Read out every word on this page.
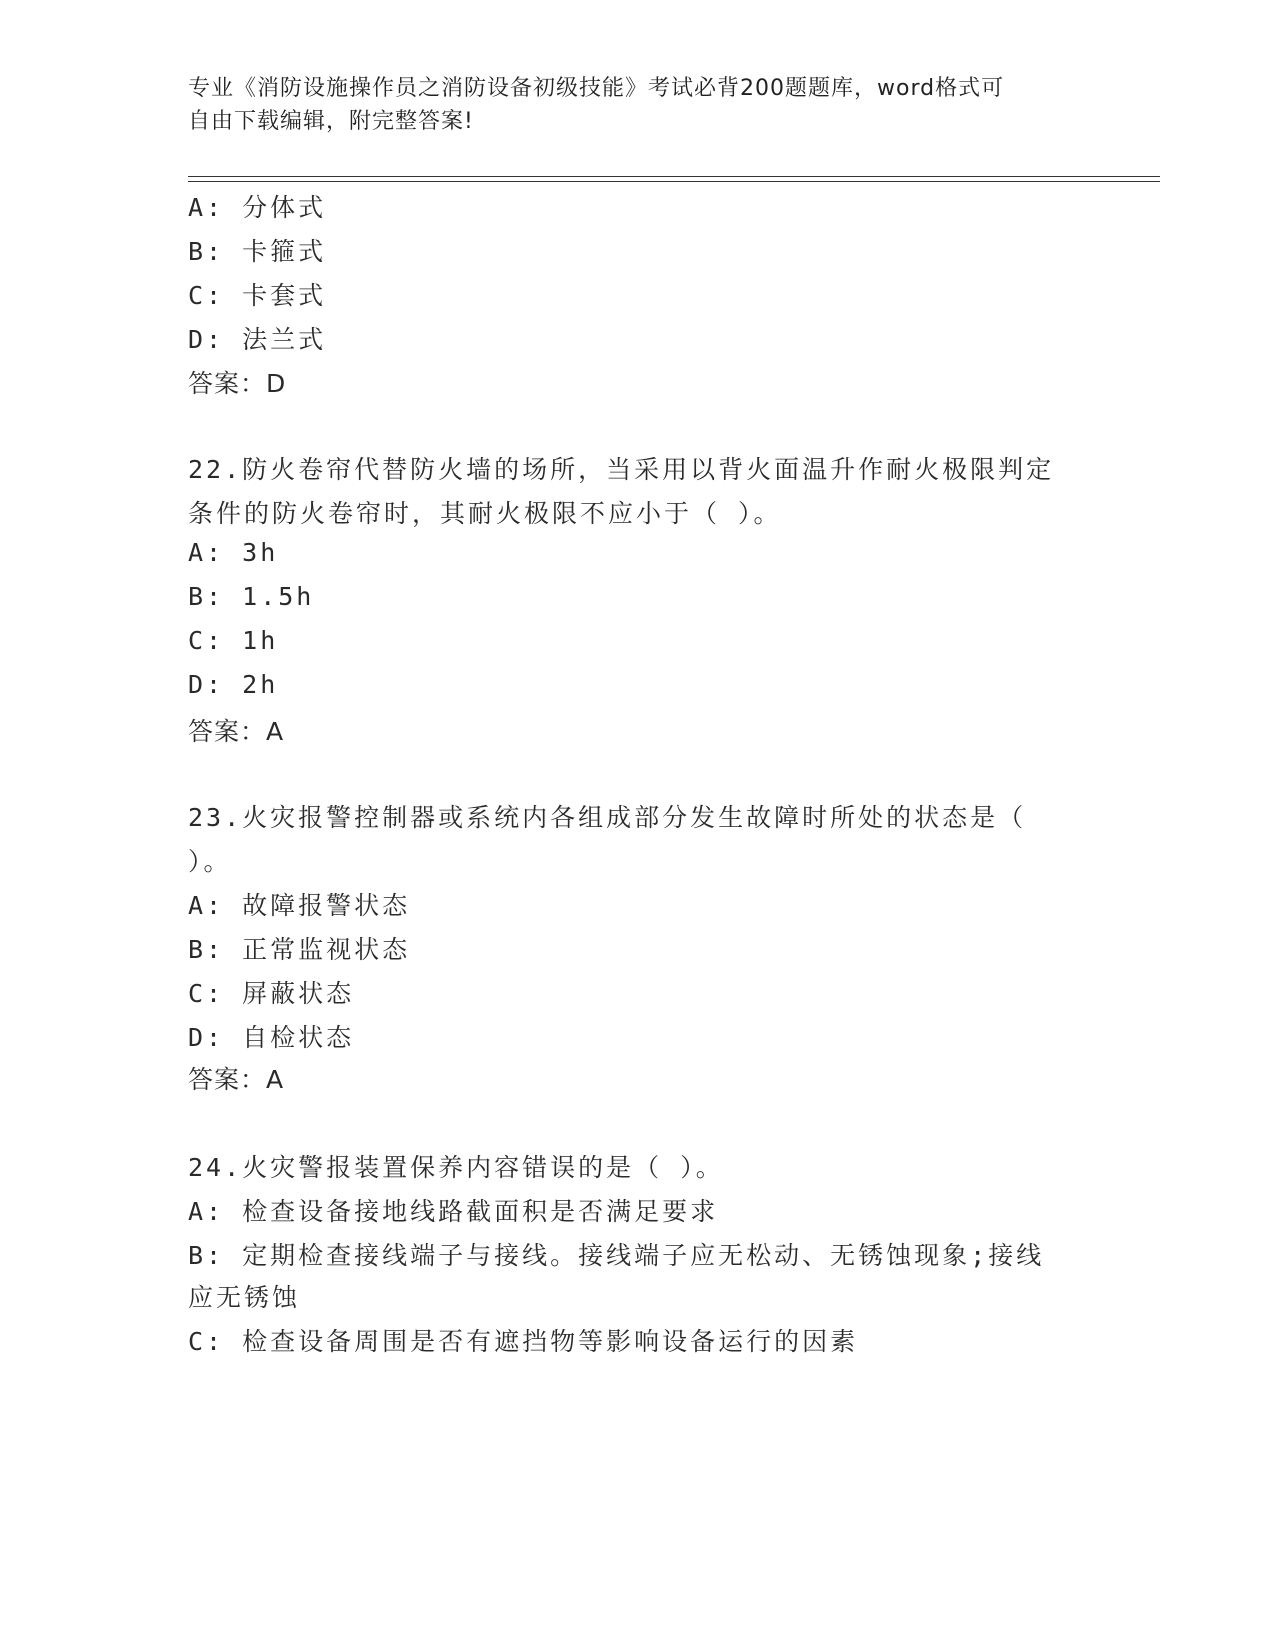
专业《消防设施操作员之消防设备初级技能》考试必背200题题库，word格式可
自由下载编辑，附完整答案!
A: 分体式
B: 卡箍式
C: 卡套式
D: 法兰式
答案：D
22.防火卷帘代替防火墙的场所，当采用以背火面温升作耐火极限判定
条件的防火卷帘时，其耐火极限不应小于（ ）。
A: 3h
B: 1.5h
C: 1h
D: 2h
答案：A
23.火灾报警控制器或系统内各组成部分发生故障时所处的状态是（
）。
A: 故障报警状态
B: 正常监视状态
C: 屏蔽状态
D: 自检状态
答案：A
24.火灾警报装置保养内容错误的是（ ）。
A: 检查设备接地线路截面积是否满足要求
B: 定期检查接线端子与接线。接线端子应无松动、无锈蚀现象;接线
应无锈蚀
C: 检查设备周围是否有遮挡物等影响设备运行的因素
